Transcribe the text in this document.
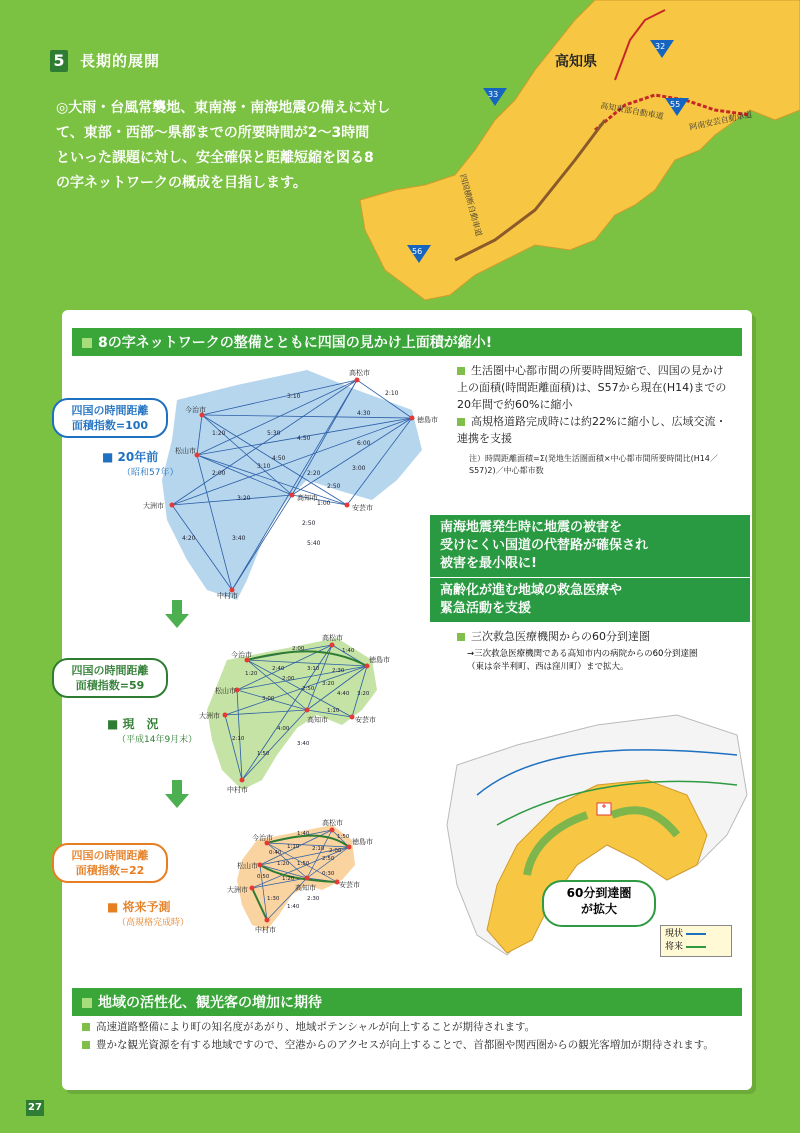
5 長期的展開
◎大雨・台風常襲地、東南海・南海地震の備えに対し
て、東部・西部～県都までの所要時間が2～3時間
といった課題に対し、安全確保と距離短縮を図る8
の字ネットワークの概成を目指します。
高知県
32
33
55
56
高知東部自動車道	阿南安芸自動車道
四国横断自動車道
8の字ネットワークの整備とともに四国の見かけ上面積が縮小!
高松市
今治市
徳島市
松山市
高知市
安芸市
大洲市
中村市
3:10	2:10
4:30
5:30
4:50
6:00
3:10	3:00
2:20
1:20
3:20
1:00
4:50
2:50
5:40
3:40
4:20
2:00
2:50
高松市
今治市
徳島市
松山市
高知市	安芸市
大洲市
中村市
2:00	1:40
2:40	3:10 2:30
3:20
2:00
3:00
2:50
4:40
1:10
1:20
3:20
4:00
2:10
1:50
3:40
高松市
今治市	徳島市
松山市
高知市	安芸市
大洲市
中村市
1:40	1:50
1:10 2:10 2:00
2:50
0:40
1:20 1:50
1:20
1:30
0:30
2:30
1:40
0:50
四国の時間距離
面積指数=100
■ 20年前
（昭和57年）
四国の時間距離
面積指数=59
■ 現　況
（平成14年9月末）
四国の時間距離
面積指数=22
■ 将来予測
（高規格完成時）
生活圏中心都市間の所要時間短縮で、四国の見かけ上の面積(時間距離面積)は、S57から現在(H14)までの20年間で約60%に縮小
高規格道路完成時には約22%に縮小し、広域交流・連携を支援
注）時間距離面積=Σ(発地生活圏面積×中心都市間所要時間比(H14／S57)2)／中心都市数
南海地震発生時に地震の被害を
受けにくい国道の代替路が確保され
被害を最小限に!
高齢化が進む地域の救急医療や
緊急活動を支援
三次救急医療機関からの60分到達圏
→三次救急医療機関である高知市内の病院からの60分到達圏
（東は奈半利町、西は窪川町）まで拡大。
60分到達圏
が拡大
現状
将来
地域の活性化、観光客の増加に期待
高速道路整備により町の知名度があがり、地域ポテンシャルが向上することが期待されます。
豊かな観光資源を有する地域ですので、空港からのアクセスが向上することで、首都圏や関西圏からの観光客増加が期待されます。
27
